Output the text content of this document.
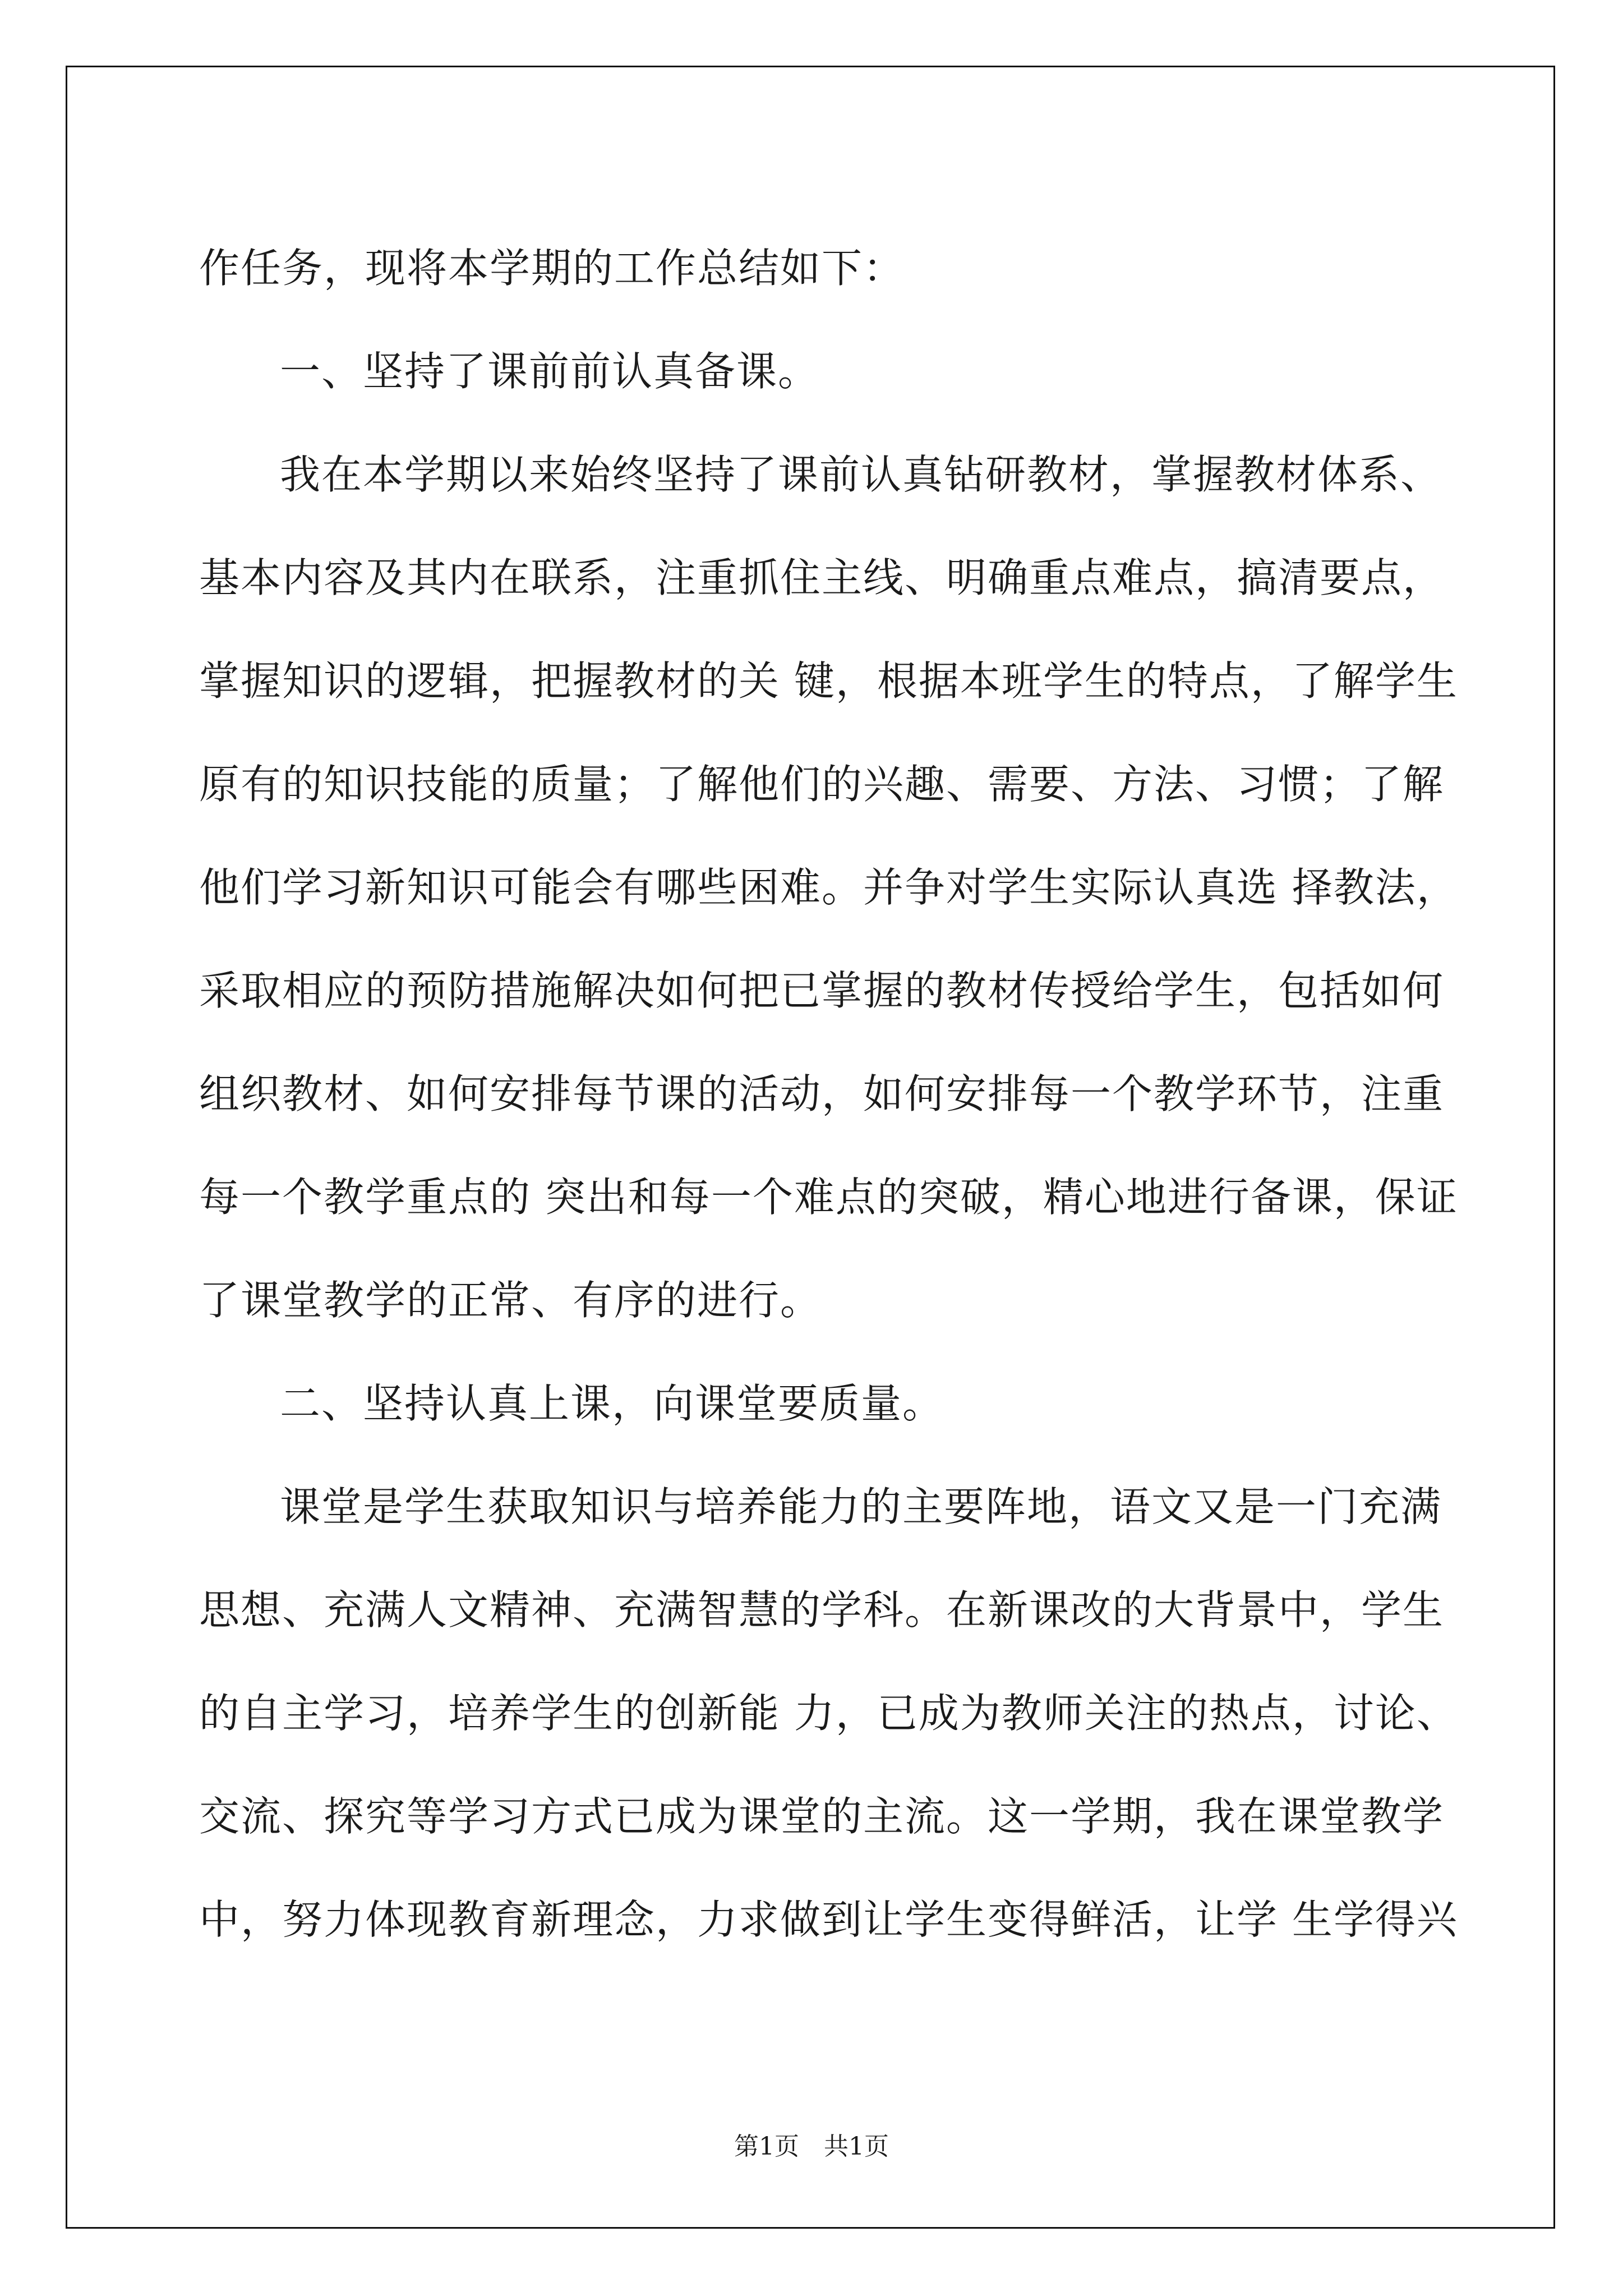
作任务，现将本学期的工作总结如下：

一、坚持了课前前认真备课。

我在本学期以来始终坚持了课前认真钻研教材，掌握教材体系、

基本内容及其内在联系，注重抓住主线、明确重点难点，搞清要点，

掌握知识的逻辑，把握教材的关 键，根据本班学生的特点，了解学生

原有的知识技能的质量；了解他们的兴趣、需要、方法、习惯；了解

他们学习新知识可能会有哪些困难。并争对学生实际认真选 择教法，

采取相应的预防措施解决如何把已掌握的教材传授给学生，包括如何

组织教材、如何安排每节课的活动，如何安排每一个教学环节，注重

每一个教学重点的 突出和每一个难点的突破，精心地进行备课，保证

了课堂教学的正常、有序的进行。

二、坚持认真上课，向课堂要质量。

课堂是学生获取知识与培养能力的主要阵地，语文又是一门充满

思想、充满人文精神、充满智慧的学科。在新课改的大背景中，学生

的自主学习，培养学生的创新能 力，已成为教师关注的热点，讨论、

交流、探究等学习方式已成为课堂的主流。这一学期，我在课堂教学

中，努力体现教育新理念，力求做到让学生变得鲜活，让学 生学得兴

第1页　共1页
